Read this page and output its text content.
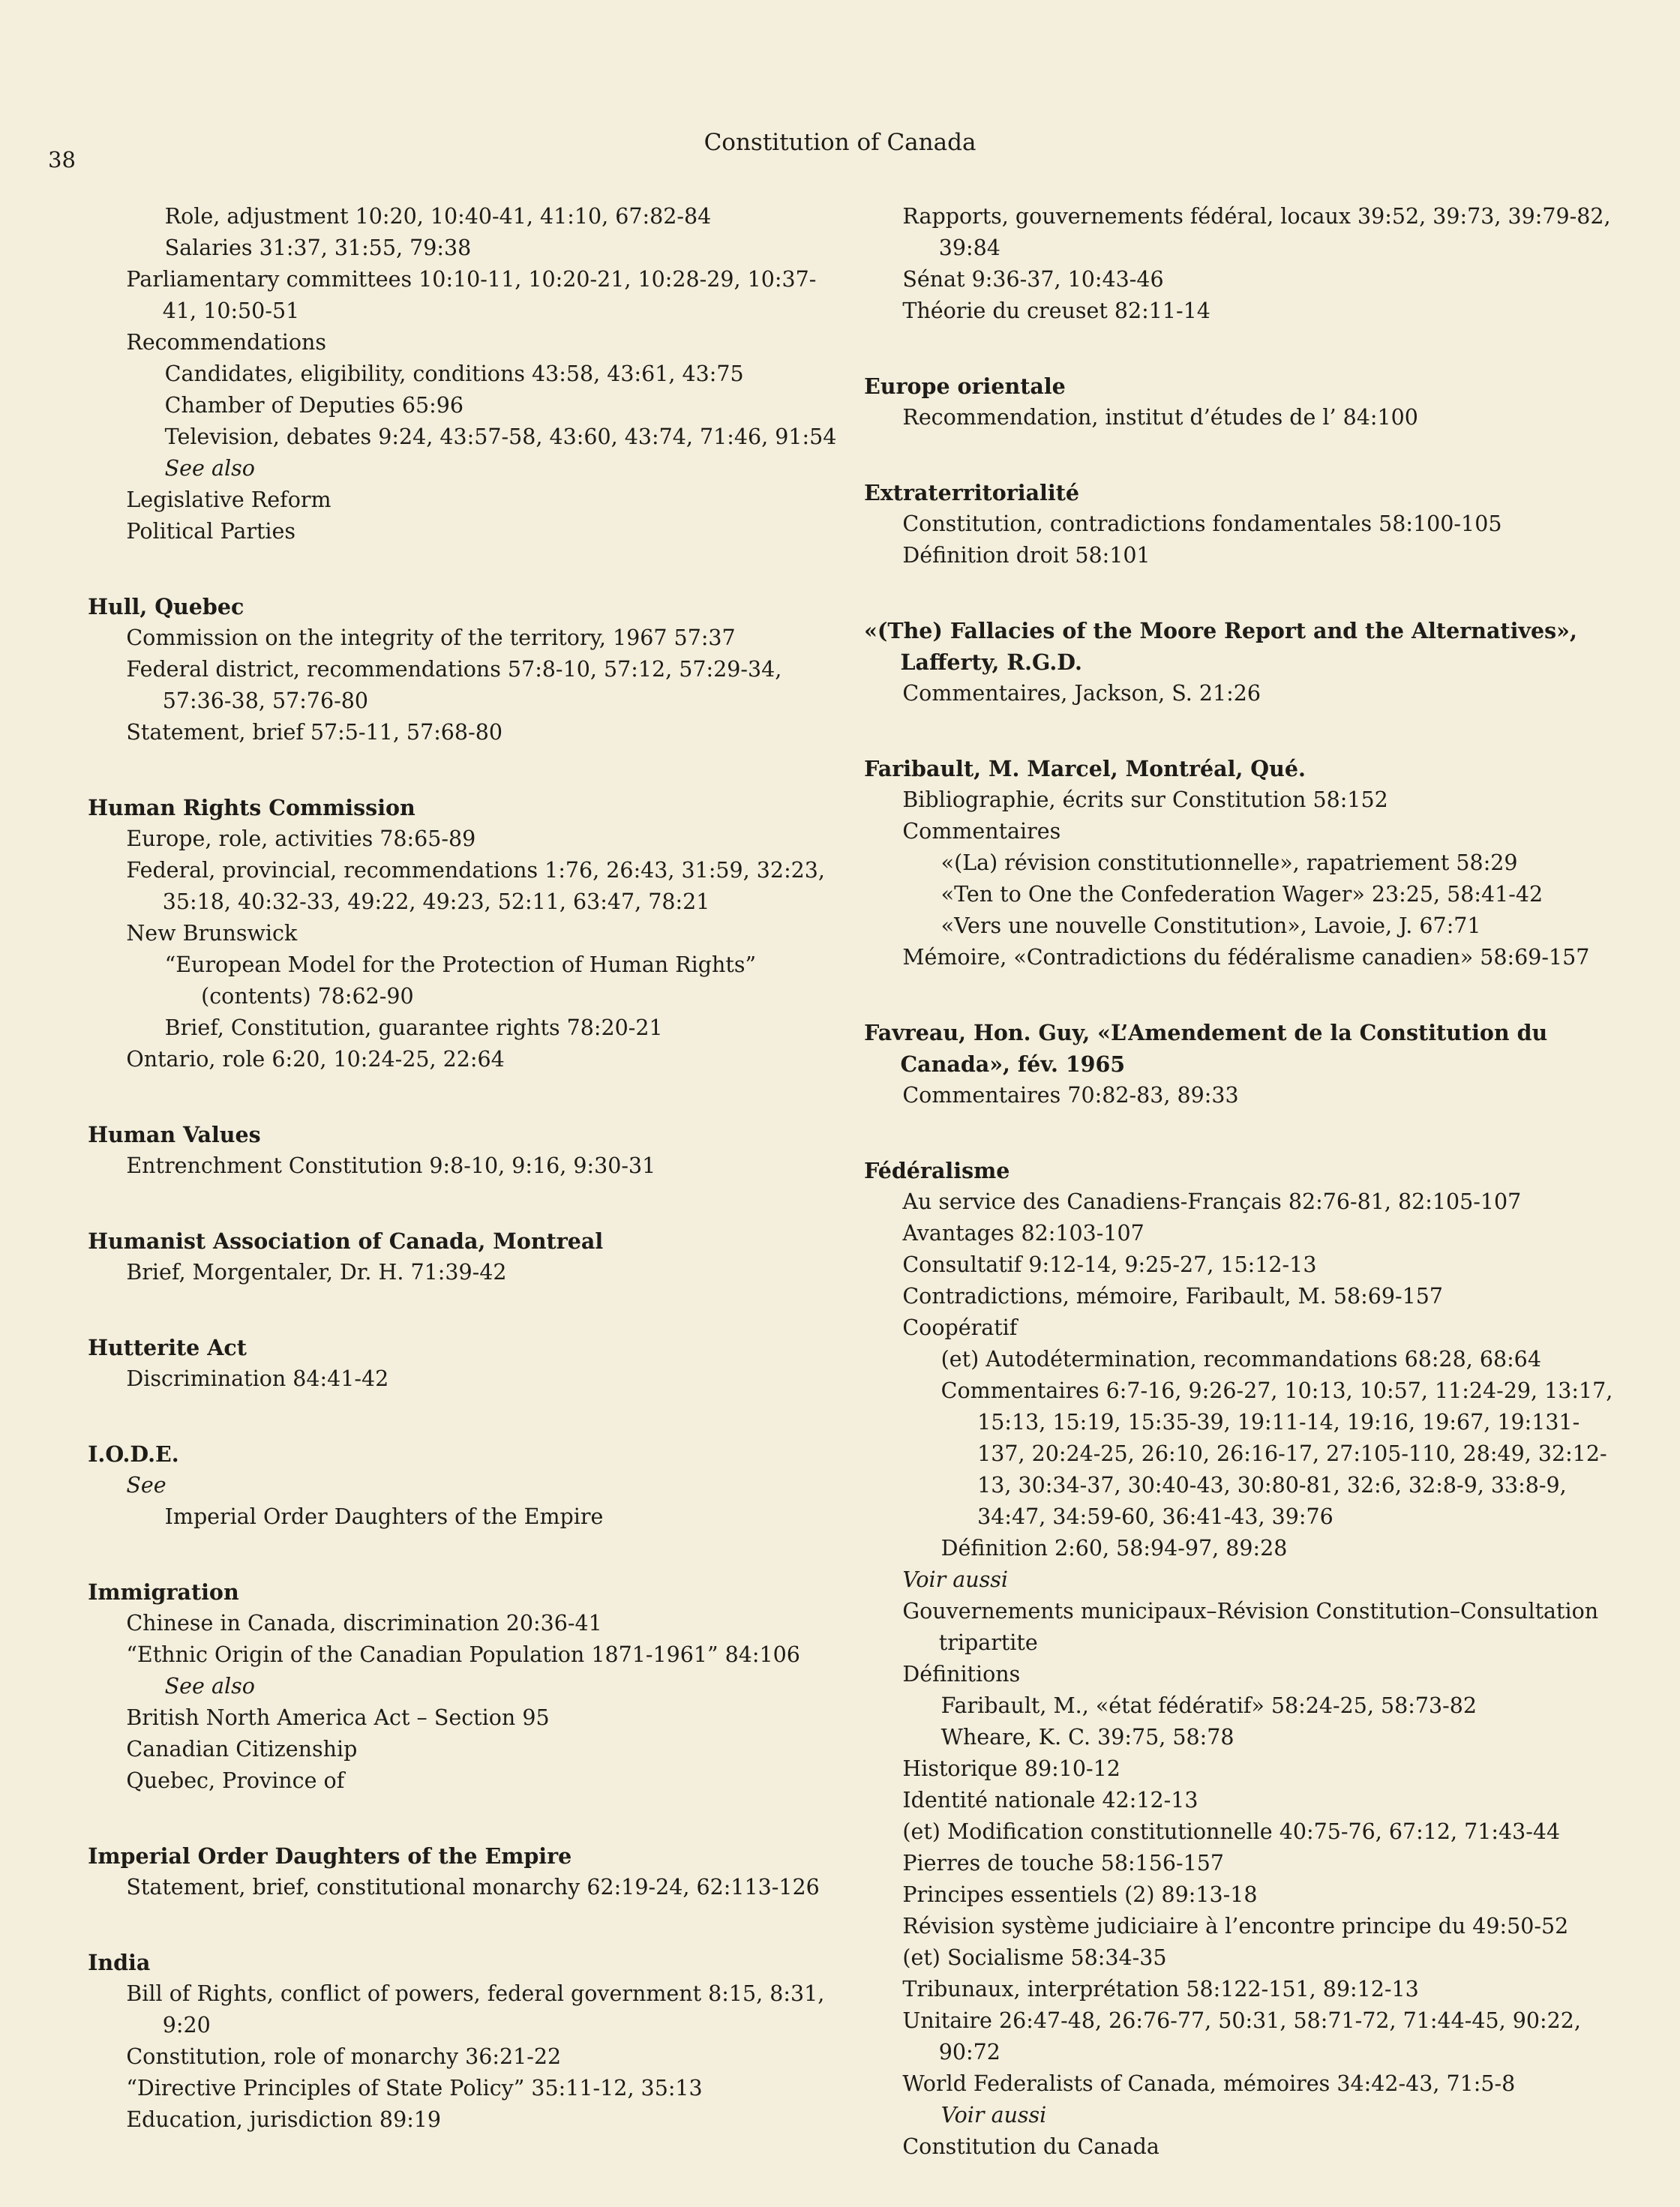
38
Constitution of Canada
Role, adjustment 10:20, 10:40-41, 41:10, 67:82-84
Salaries 31:37, 31:55, 79:38
Parliamentary committees 10:10-11, 10:20-21, 10:28-29, 10:37-41, 10:50-51
Recommendations
Candidates, eligibility, conditions 43:58, 43:61, 43:75
Chamber of Deputies 65:96
Television, debates 9:24, 43:57-58, 43:60, 43:74, 71:46, 91:54
See also
Legislative Reform
Political Parties
Hull, Quebec
Commission on the integrity of the territory, 1967 57:37
Federal district, recommendations 57:8-10, 57:12, 57:29-34, 57:36-38, 57:76-80
Statement, brief 57:5-11, 57:68-80
Human Rights Commission
Europe, role, activities 78:65-89
Federal, provincial, recommendations 1:76, 26:43, 31:59, 32:23, 35:18, 40:32-33, 49:22, 49:23, 52:11, 63:47, 78:21
New Brunswick
“European Model for the Protection of Human Rights” (contents) 78:62-90
Brief, Constitution, guarantee rights 78:20-21
Ontario, role 6:20, 10:24-25, 22:64
Human Values
Entrenchment Constitution 9:8-10, 9:16, 9:30-31
Humanist Association of Canada, Montreal
Brief, Morgentaler, Dr. H. 71:39-42
Hutterite Act
Discrimination 84:41-42
I.O.D.E.
See
Imperial Order Daughters of the Empire
Immigration
Chinese in Canada, discrimination 20:36-41
“Ethnic Origin of the Canadian Population 1871-1961” 84:106
See also
British North America Act – Section 95
Canadian Citizenship
Quebec, Province of
Imperial Order Daughters of the Empire
Statement, brief, constitutional monarchy 62:19-24, 62:113-126
India
Bill of Rights, conflict of powers, federal government 8:15, 8:31, 9:20
Constitution, role of monarchy 36:21-22
“Directive Principles of State Policy” 35:11-12, 35:13
Education, jurisdiction 89:19
Rapports, gouvernements fédéral, locaux 39:52, 39:73, 39:79-82, 39:84
Sénat 9:36-37, 10:43-46
Théorie du creuset 82:11-14
Europe orientale
Recommendation, institut d’études de l’ 84:100
Extraterritorialité
Constitution, contradictions fondamentales 58:100-105
Définition droit 58:101
«(The) Fallacies of the Moore Report and the Alternatives», Lafferty, R.G.D.
Commentaires, Jackson, S. 21:26
Faribault, M. Marcel, Montréal, Qué.
Bibliographie, écrits sur Constitution 58:152
Commentaires
«(La) révision constitutionnelle», rapatriement 58:29
«Ten to One the Confederation Wager» 23:25, 58:41-42
«Vers une nouvelle Constitution», Lavoie, J. 67:71
Mémoire, «Contradictions du fédéralisme canadien» 58:69-157
Favreau, Hon. Guy, «L’Amendement de la Constitution du Canada», fév. 1965
Commentaires 70:82-83, 89:33
Fédéralisme
Au service des Canadiens-Français 82:76-81, 82:105-107
Avantages 82:103-107
Consultatif 9:12-14, 9:25-27, 15:12-13
Contradictions, mémoire, Faribault, M. 58:69-157
Coopératif
(et) Autodétermination, recommandations 68:28, 68:64
Commentaires 6:7-16, 9:26-27, 10:13, 10:57, 11:24-29, 13:17, 15:13, 15:19, 15:35-39, 19:11-14, 19:16, 19:67, 19:131-137, 20:24-25, 26:10, 26:16-17, 27:105-110, 28:49, 32:12-13, 30:34-37, 30:40-43, 30:80-81, 32:6, 32:8-9, 33:8-9, 34:47, 34:59-60, 36:41-43, 39:76
Définition 2:60, 58:94-97, 89:28
Voir aussi
Gouvernements municipaux–Révision Constitution–Consultation tripartite
Définitions
Faribault, M., «état fédératif» 58:24-25, 58:73-82
Wheare, K. C. 39:75, 58:78
Historique 89:10-12
Identité nationale 42:12-13
(et) Modification constitutionnelle 40:75-76, 67:12, 71:43-44
Pierres de touche 58:156-157
Principes essentiels (2) 89:13-18
Révision système judiciaire à l’encontre principe du 49:50-52
(et) Socialisme 58:34-35
Tribunaux, interprétation 58:122-151, 89:12-13
Unitaire 26:47-48, 26:76-77, 50:31, 58:71-72, 71:44-45, 90:22, 90:72
World Federalists of Canada, mémoires 34:42-43, 71:5-8
Voir aussi
Constitution du Canada
